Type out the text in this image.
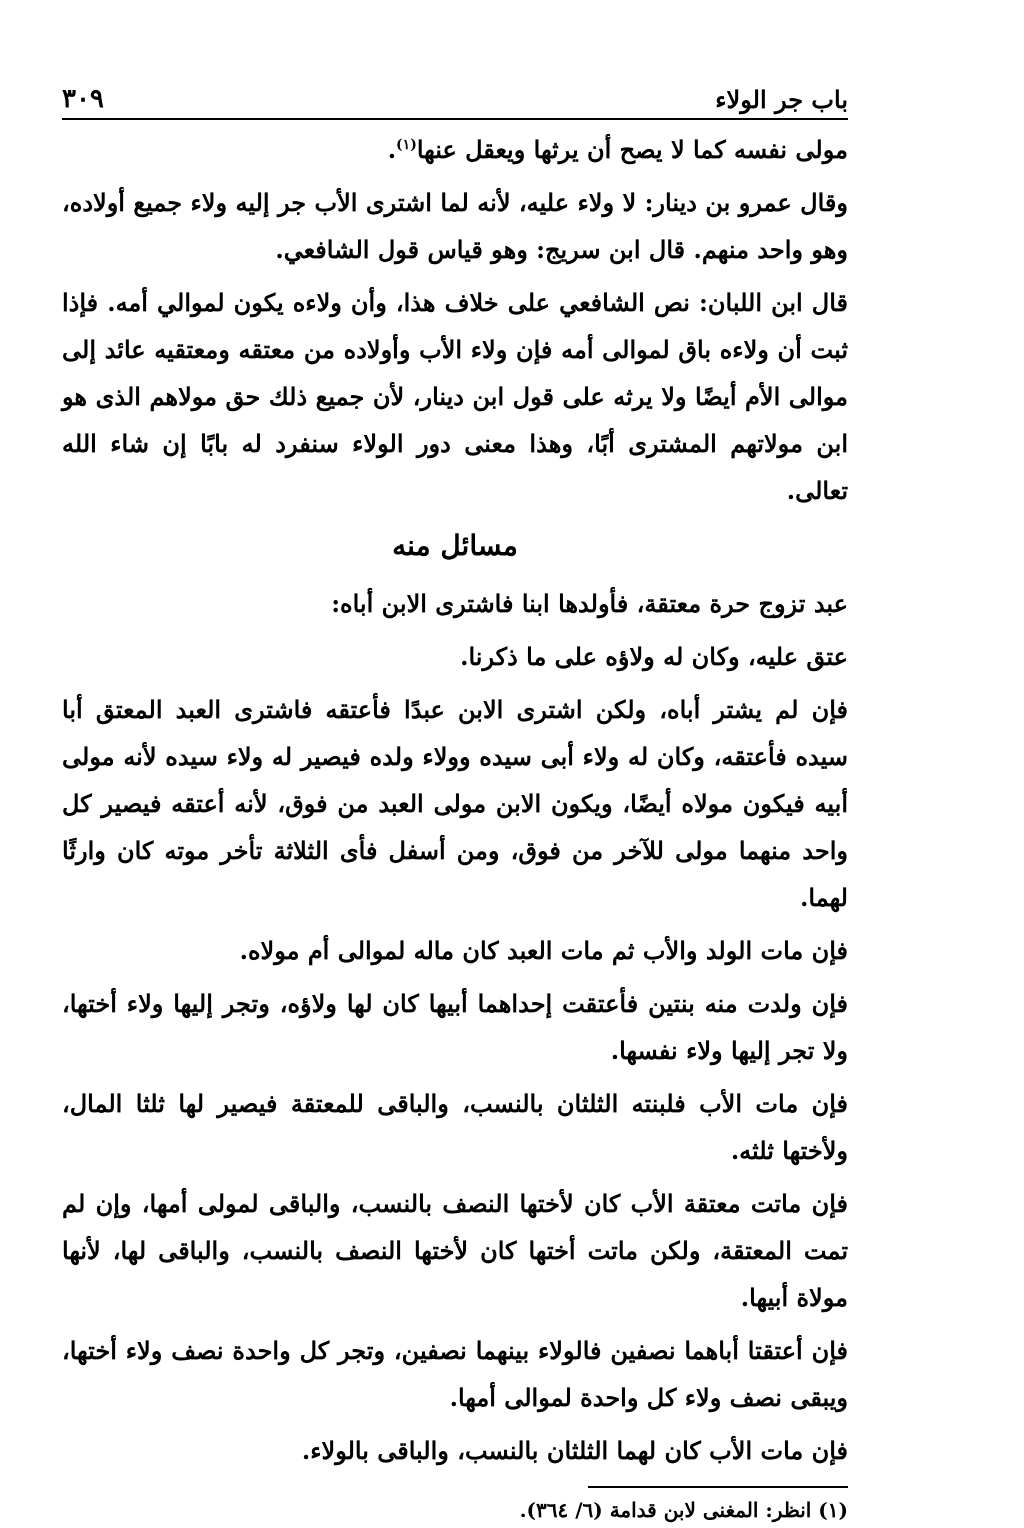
باب جر الولاء
٣٠٩

مولى نفسه كما لا يصح أن يرثها ويعقل عنها$^{(١)}$.

وقال عمرو بن دينار: لا ولاء عليه، لأنه لما اشترى الأب جر إليه ولاء جميع أولاده، وهو واحد منهم. قال ابن سريج: وهو قياس قول الشافعي.

قال ابن اللبان: نص الشافعي على خلاف هذا، وأن ولاءه يكون لموالي أمه. فإذا ثبت أن ولاءه باق لموالى أمه فإن ولاء الأب وأولاده من معتقه ومعتقيه عائد إلى موالى الأم أيضًا ولا يرثه على قول ابن دينار، لأن جميع ذلك حق مولاهم الذى هو ابن مولاتهم المشترى أبًا، وهذا معنى دور الولاء سنفرد له بابًا إن شاء الله تعالى.

مسائل منه

عبد تزوج حرة معتقة، فأولدها ابنا فاشترى الابن أباه:

عتق عليه، وكان له ولاؤه على ما ذكرنا.

فإن لم يشتر أباه، ولكن اشترى الابن عبدًا فأعتقه فاشترى العبد المعتق أبا سيده فأعتقه، وكان له ولاء أبى سيده وولاء ولده فيصير له ولاء سيده لأنه مولى أبيه فيكون مولاه أيضًا، ويكون الابن مولى العبد من فوق، لأنه أعتقه فيصير كل واحد منهما مولى للآخر من فوق، ومن أسفل فأى الثلاثة تأخر موته كان وارثًا لهما.

فإن مات الولد والأب ثم مات العبد كان ماله لموالى أم مولاه.

فإن ولدت منه بنتين فأعتقت إحداهما أبيها كان لها ولاؤه، وتجر إليها ولاء أختها، ولا تجر إليها ولاء نفسها.

فإن مات الأب فلبنته الثلثان بالنسب، والباقى للمعتقة فيصير لها ثلثا المال، ولأختها ثلثه.

فإن ماتت معتقة الأب كان لأختها النصف بالنسب، والباقى لمولى أمها، وإن لم تمت المعتقة، ولكن ماتت أختها كان لأختها النصف بالنسب، والباقى لها، لأنها مولاة أبيها.

فإن أعتقتا أباهما نصفين فالولاء بينهما نصفين، وتجر كل واحدة نصف ولاء أختها، ويبقى نصف ولاء كل واحدة لموالى أمها.

فإن مات الأب كان لهما الثلثان بالنسب، والباقى بالولاء.

(١) انظر: المغنى لابن قدامة (٦/ ٣٦٤).
